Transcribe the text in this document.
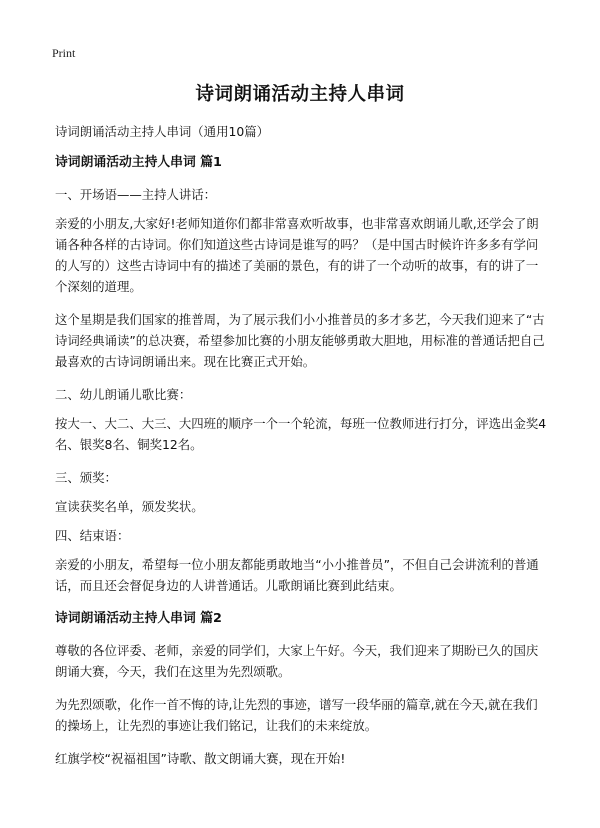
Print
诗词朗诵活动主持人串词

诗词朗诵活动主持人串词（通用10篇）

诗词朗诵活动主持人串词 篇1

一、开场语——主持人讲话：

亲爱的小朋友,大家好!老师知道你们都非常喜欢听故事，也非常喜欢朗诵儿歌,还学会了朗诵各种各样的古诗词。你们知道这些古诗词是谁写的吗？（是中国古时候许许多多有学问的人写的）这些古诗词中有的描述了美丽的景色，有的讲了一个动听的故事，有的讲了一个深刻的道理。

这个星期是我们国家的推普周，为了展示我们小小推普员的多才多艺，今天我们迎来了“古诗词经典诵读”的总决赛，希望参加比赛的小朋友能够勇敢大胆地，用标准的普通话把自己最喜欢的古诗词朗诵出来。现在比赛正式开始。

二、幼儿朗诵儿歌比赛：

按大一、大二、大三、大四班的顺序一个一个轮流，每班一位教师进行打分，评选出金奖4名、银奖8名、铜奖12名。

三、颁奖：

宣读获奖名单，颁发奖状。

四、结束语：

亲爱的小朋友，希望每一位小朋友都能勇敢地当“小小推普员”，不但自己会讲流利的普通话，而且还会督促身边的人讲普通话。儿歌朗诵比赛到此结束。

诗词朗诵活动主持人串词 篇2

尊敬的各位评委、老师，亲爱的同学们，大家上午好。今天，我们迎来了期盼已久的国庆朗诵大赛，今天，我们在这里为先烈颂歌。

为先烈颂歌，化作一首不悔的诗,让先烈的事迹，谱写一段华丽的篇章,就在今天,就在我们的操场上，让先烈的事迹让我们铭记，让我们的未来绽放。

红旗学校“祝福祖国”诗歌、散文朗诵大赛，现在开始!
